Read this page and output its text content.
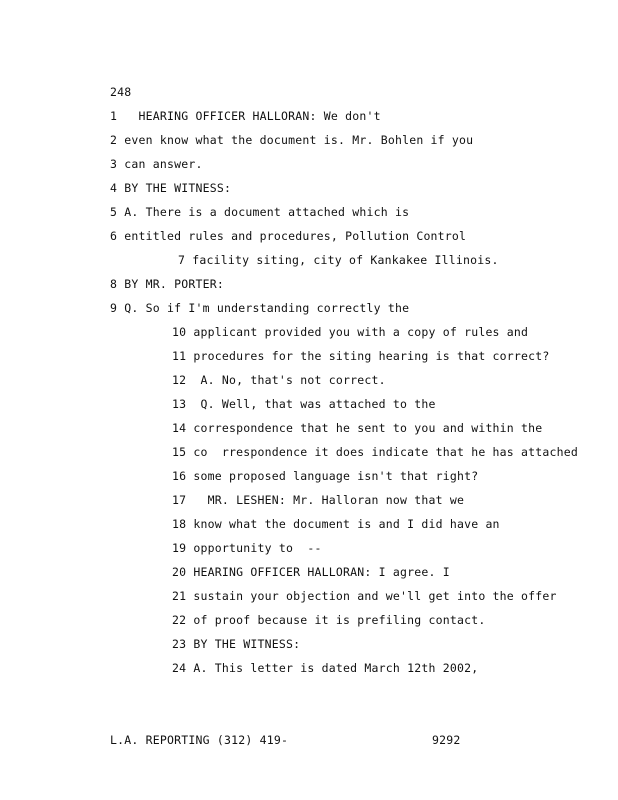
248
1   HEARING OFFICER HALLORAN: We don't
2 even know what the document is. Mr. Bohlen if you
3 can answer.
4 BY THE WITNESS:
5 A. There is a document attached which is
6 entitled rules and procedures, Pollution Control
7 facility siting, city of Kankakee Illinois.
8 BY MR. PORTER:
9 Q. So if I'm understanding correctly the
10 applicant provided you with a copy of rules and
11 procedures for the siting hearing is that correct?
12  A. No, that's not correct.
13  Q. Well, that was attached to the
14 correspondence that he sent to you and within the
15 co  rrespondence it does indicate that he has attached
16 some proposed language isn't that right?
17   MR. LESHEN: Mr. Halloran now that we
18 know what the document is and I did have an
19 opportunity to  --
20 HEARING OFFICER HALLORAN: I agree. I
21 sustain your objection and we'll get into the offer
22 of proof because it is prefiling contact.
23 BY THE WITNESS:
24 A. This letter is dated March 12th 2002,
L.A. REPORTING (312) 419-	9292
